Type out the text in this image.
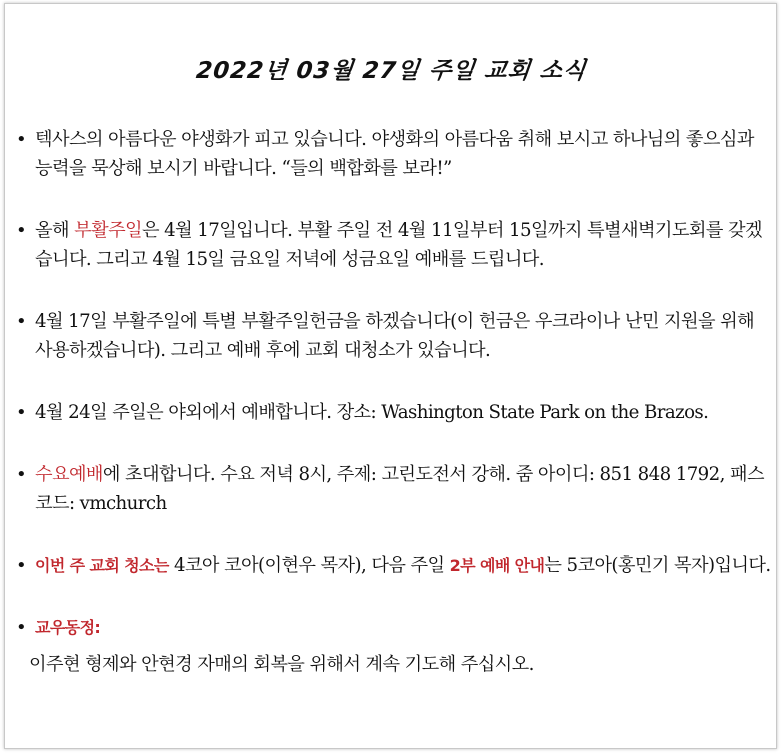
2022년 03월 27일 주일 교회 소식
• 텍사스의 아름다운 야생화가 피고 있습니다. 야생화의 아름다움 취해 보시고 하나님의 좋으심과 능력을 묵상해 보시기 바랍니다. “들의 백합화를 보라!”
• 올해 부활주일은 4월 17일입니다. 부활 주일 전 4월 11일부터 15일까지 특별새벽기도회를 갖겠습니다. 그리고 4월 15일 금요일 저녁에 성금요일 예배를 드립니다.
• 4월 17일 부활주일에 특별 부활주일헌금을 하겠습니다(이 헌금은 우크라이나 난민 지원을 위해 사용하겠습니다). 그리고 예배 후에 교회 대청소가 있습니다.
• 4월 24일 주일은 야외에서 예배합니다. 장소: Washington State Park on the Brazos.
• 수요예배에 초대합니다. 수요 저녁 8시, 주제: 고린도전서 강해. 줌 아이디: 851 848 1792, 패스코드: vmchurch
• 이번 주 교회 청소는 4코아 코아(이현우 목자), 다음 주일 2부 예배 안내는 5코아(홍민기 목자)입니다.
• 교우동정:
이주현 형제와 안현경 자매의 회복을 위해서 계속 기도해 주십시오.
